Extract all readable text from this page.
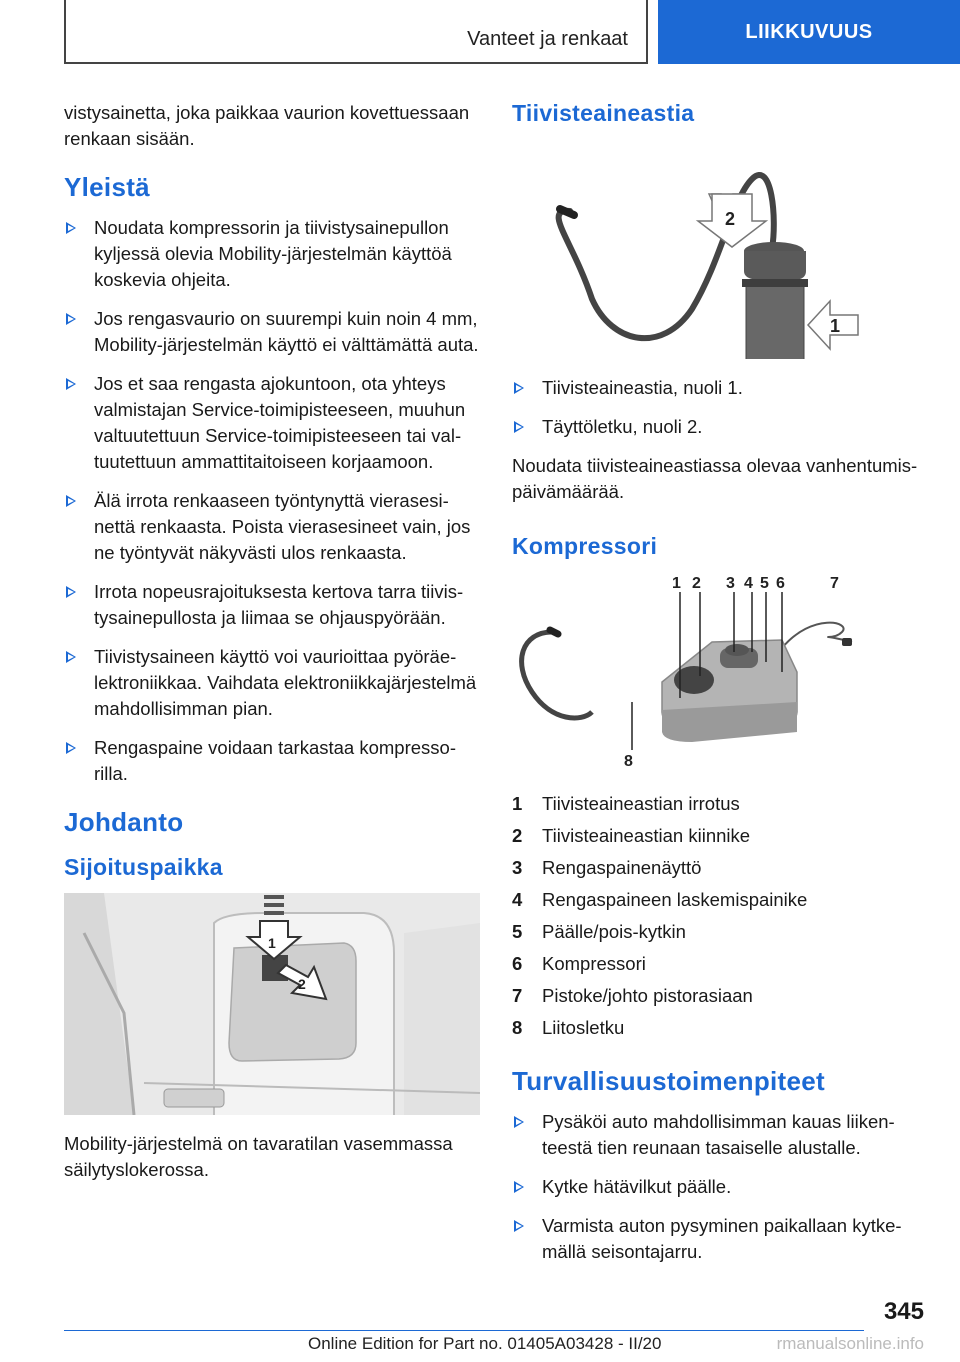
Vanteet ja renkaat	LIIKKUVUUS

vistysainetta, joka paikkaa vaurion kovettuessaan renkaan sisään.

Yleistä
Noudata kompressorin ja tiivistysainepullon kyljessä olevia Mobility-järjestelmän käyttöä koskevia ohjeita.
Jos rengasvaurio on suurempi kuin noin 4 mm, Mobility-järjestelmän käyttö ei välttämättä auta.
Jos et saa rengasta ajokuntoon, ota yhteys valmistajan Service-toimipisteeseen, muuhun valtuutettuun Service-toimipisteeseen tai valtuutettuun ammattitaitoiseen korjaamoon.
Älä irrota renkaaseen työntynyttä vierasesinettä renkaasta. Poista vierasesineet vain, jos ne työntyvät näkyvästi ulos renkaasta.
Irrota nopeusrajoituksesta kertova tarra tiivistysainepullosta ja liimaa se ohjauspyörään.
Tiivistysaineen käyttö voi vaurioittaa pyöräelektroniikkaa. Vaihdata elektroniikkajärjestelmä mahdollisimman pian.
Rengaspaine voidaan tarkastaa kompressorilla.
Johdanto
Sijoituspaikka
1
2

Mobility-järjestelmä on tavaratilan vasemmassa säilytyslokerossa.

Tiivisteaineastia
2
1
Tiivisteaineastia, nuoli 1.
Täyttöletku, nuoli 2.

Noudata tiivisteaineastiassa olevaa vanhentumispäivämäärää.

Kompressori
1 2 3 4 5 6	7
8
1	Tiivisteaineastian irrotus
2	Tiivisteaineastian kiinnike
3	Rengaspainenäyttö
4	Rengaspaineen laskemispainike
5	Päälle/pois-kytkin
6	Kompressori
7	Pistoke/johto pistorasiaan
8	Liitosletku
Turvallisuustoimenpiteet
Pysäköi auto mahdollisimman kauas liikenteestä tien reunaan tasaiselle alustalle.
Kytke hätävilkut päälle.
Varmista auton pysyminen paikallaan kytkemällä seisontajarru.
345
Online Edition for Part no. 01405A03428 - II/20	rmanualsonline.info
